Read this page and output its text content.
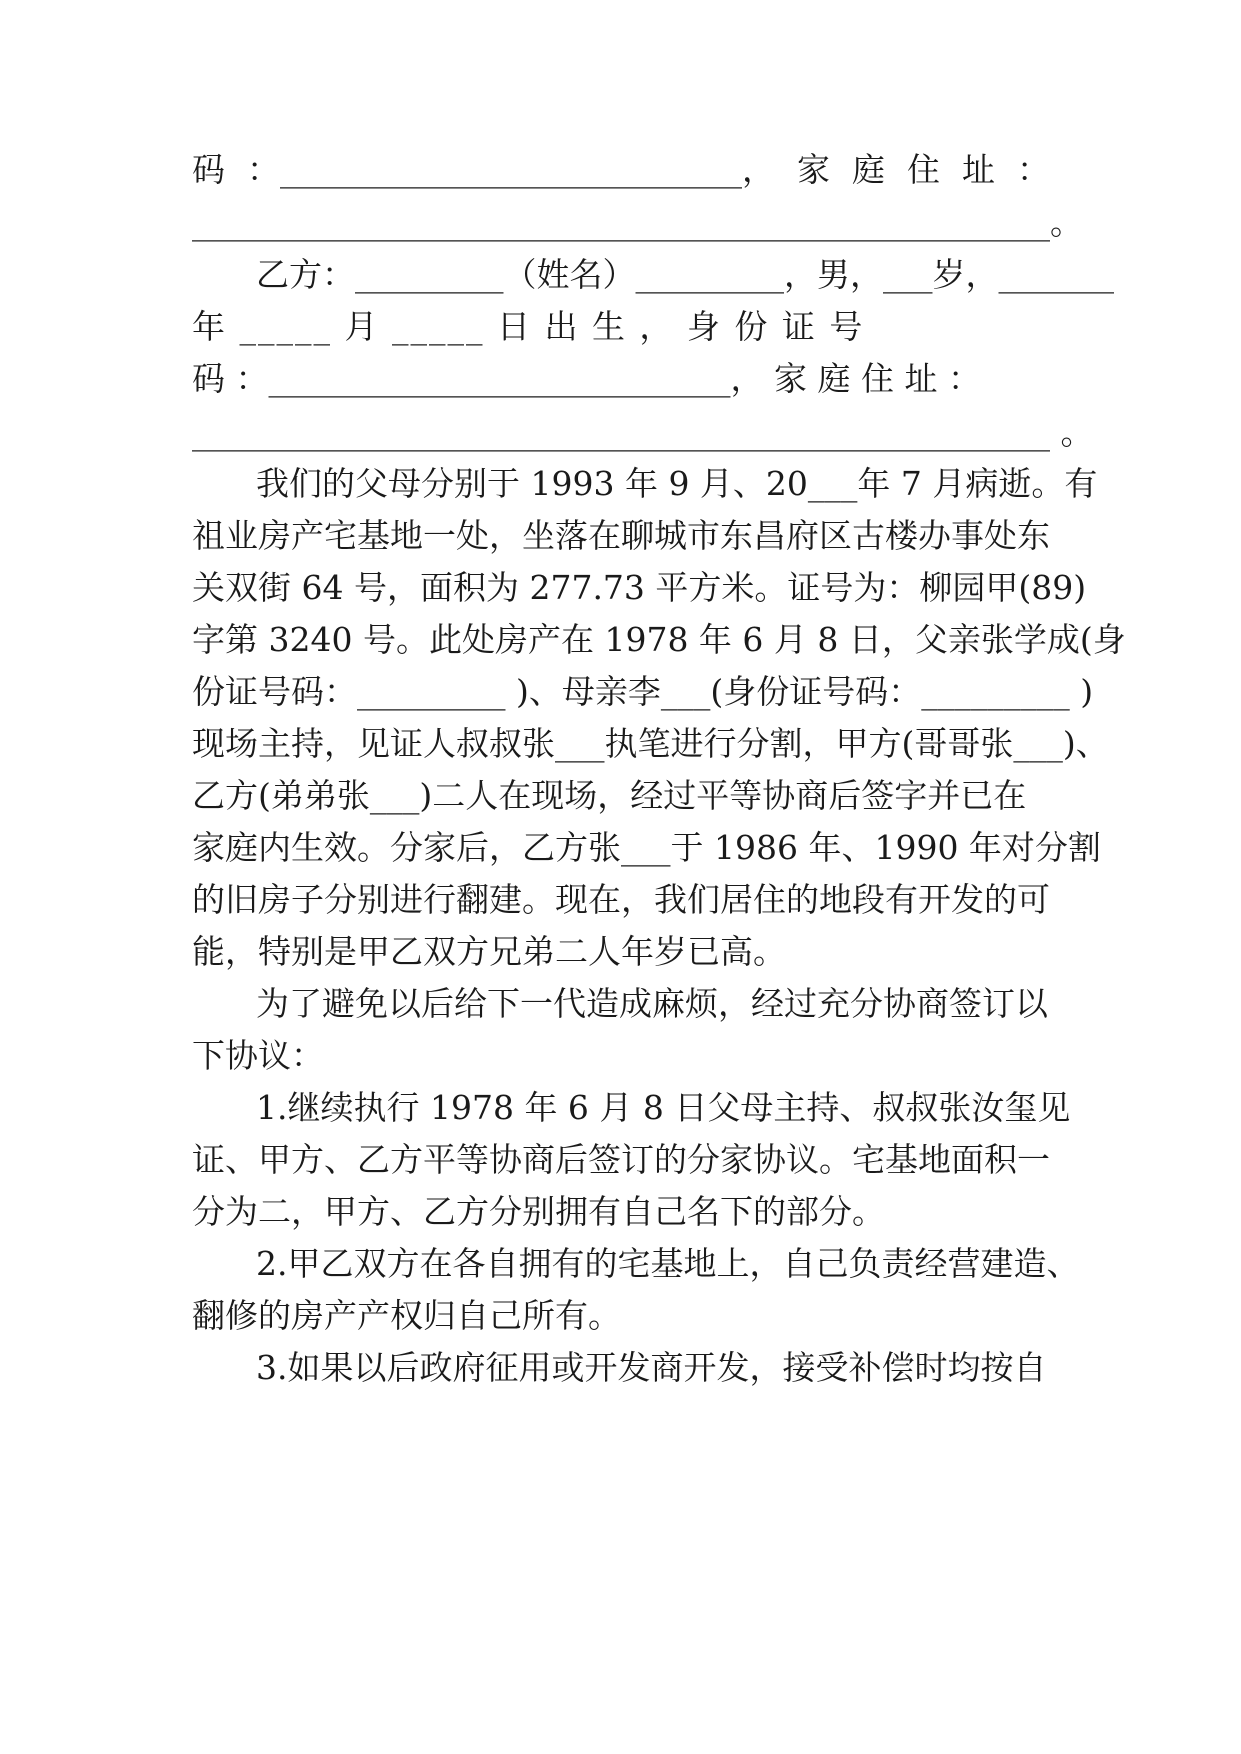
码 ：____________________________， 家 庭 住 址 ：
____________________________________________________。
乙方：_________（姓名）_________，男，___岁，_______
年 _____ 月 _____ 日 出 生 ， 身 份 证 号
码 ：____________________________， 家 庭 住 址 ：
____________________________________________________ 。
我们的父母分别于 1993 年 9 月、20___年 7 月病逝。有
祖业房产宅基地一处，坐落在聊城市东昌府区古楼办事处东
关双街 64 号，面积为 277.73 平方米。证号为：柳园甲(89)
字第 3240 号。此处房产在 1978 年 6 月 8 日，父亲张学成(身
份证号码：_________ )、母亲李___(身份证号码：_________ )
现场主持，见证人叔叔张___执笔进行分割，甲方(哥哥张___)、
乙方(弟弟张___)二人在现场，经过平等协商后签字并已在
家庭内生效。分家后，乙方张___于 1986 年、1990 年对分割
的旧房子分别进行翻建。现在，我们居住的地段有开发的可
能，特别是甲乙双方兄弟二人年岁已高。
为了避免以后给下一代造成麻烦，经过充分协商签订以
下协议：
1.继续执行 1978 年 6 月 8 日父母主持、叔叔张汝玺见
证、甲方、乙方平等协商后签订的分家协议。宅基地面积一
分为二，甲方、乙方分别拥有自己名下的部分。
2.甲乙双方在各自拥有的宅基地上，自己负责经营建造、
翻修的房产产权归自己所有。
3.如果以后政府征用或开发商开发，接受补偿时均按自
